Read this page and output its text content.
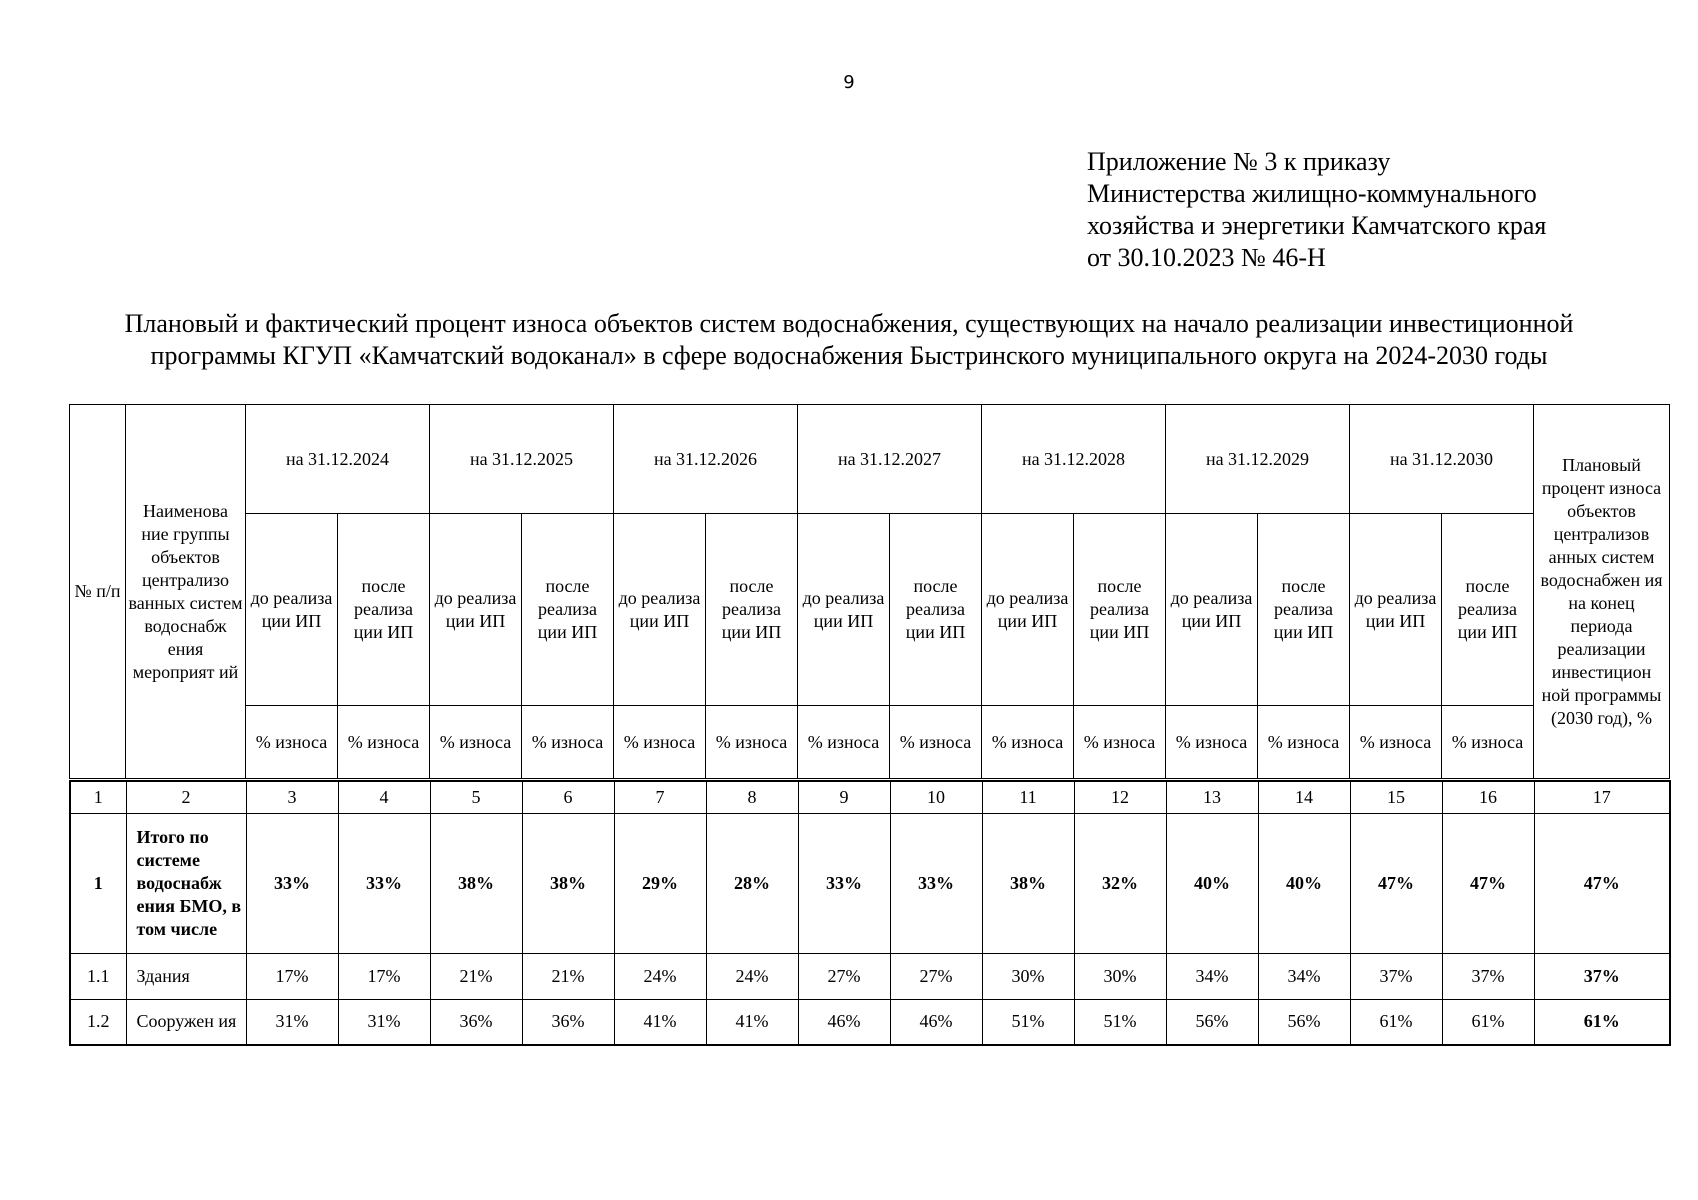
9
Приложение № 3 к приказу
Министерства жилищно-коммунального
хозяйства и энергетики Камчатского края
от 30.10.2023 № 46-Н
Плановый и фактический процент износа объектов систем водоснабжения, существующих на начало реализации инвестиционной
программы КГУП «Камчатский водоканал» в сфере водоснабжения Быстринского муниципального округа на 2024-2030 годы
№ п/п	Наименова ние группы объектов централизо ванных систем водоснабж ения мероприят ий	на 31.12.2024		на 31.12.2025		на 31.12.2026		на 31.12.2027		на 31.12.2028		на 31.12.2029		на 31.12.2030		Плановый процент износа объектов централизов анных систем водоснабжен ия на конец периода реализации инвестицион ной программы (2030 год), %
		до реализа ции ИП	после реализа ции ИП	до реализа ции ИП	после реализа ции ИП	до реализа ции ИП	после реализа ции ИП	до реализа ции ИП	после реализа ции ИП	до реализа ции ИП	после реализа ции ИП	до реализа ции ИП	после реализа ции ИП	до реализа ции ИП	после реализа ции ИП	
		% износа	% износа	% износа	% износа	% износа	% износа	% износа	% износа	% износа	% износа	% износа	% износа	% износа	% износа	
1	2	3	4	5	6	7	8	9	10	11	12	13	14	15	16	17
1	Итого по системе водоснабж ения БМО, в том числе	33%	33%	38%	38%	29%	28%	33%	33%	38%	32%	40%	40%	47%	47%	47%
1.1	Здания	17%	17%	21%	21%	24%	24%	27%	27%	30%	30%	34%	34%	37%	37%	37%
1.2	Сооружен ия	31%	31%	36%	36%	41%	41%	46%	46%	51%	51%	56%	56%	61%	61%	61%
